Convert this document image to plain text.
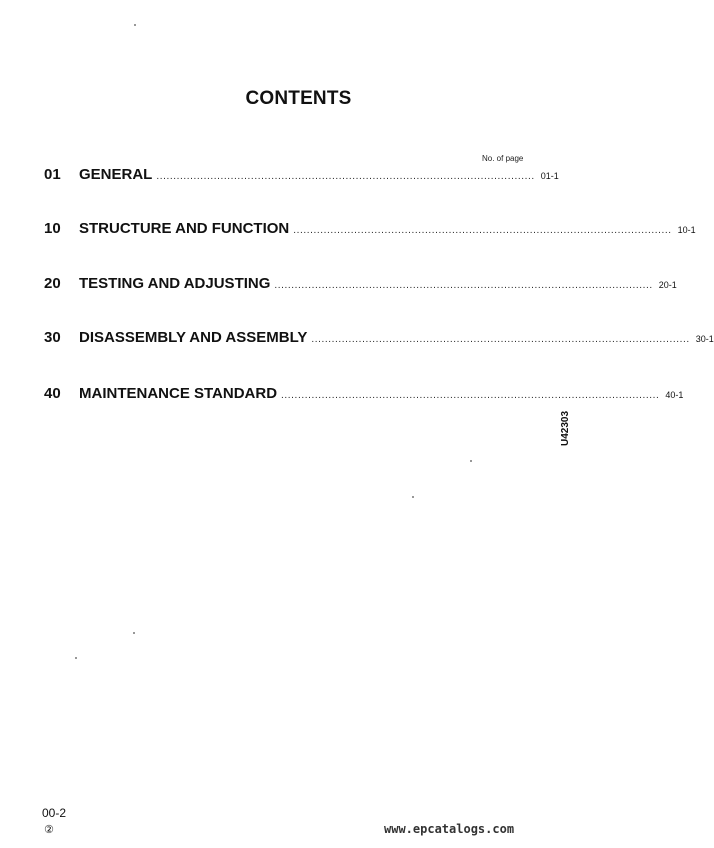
CONTENTS
No. of page
01	GENERAL ................................................................................................................ 01-1
10	STRUCTURE AND FUNCTION ................................................................................................................ 10-1
20	TESTING AND ADJUSTING ................................................................................................................ 20-1
30	DISASSEMBLY AND ASSEMBLY ................................................................................................................ 30-1
40	MAINTENANCE STANDARD ................................................................................................................ 40-1
U42303
00-2
②	www.epcatalogs.com
